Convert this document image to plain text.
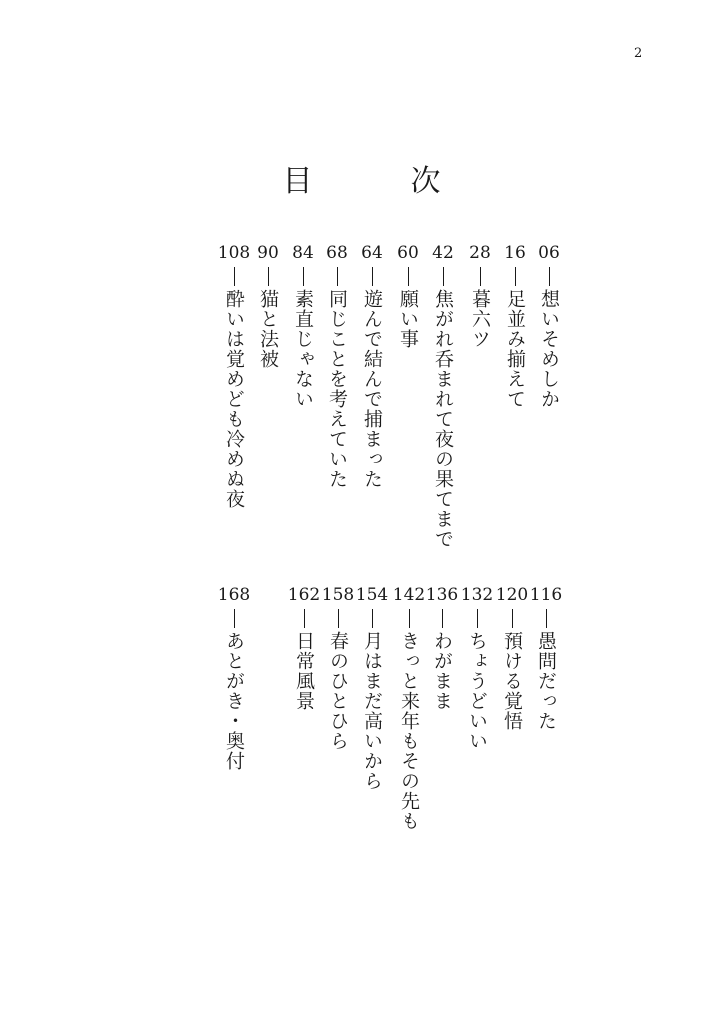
2
目　次
06
想いそめしか
16
足並み揃えて
28
暮六ツ
42
焦がれ呑まれて夜の果てまで
60
願い事
64
遊んで結んで捕まった
68
同じことを考えていた
84
素直じゃない
90
猫と法被
108
酔いは覚めども冷めぬ夜
116
愚問だった
120
預ける覚悟
132
ちょうどいい
136
わがまま
142
きっと来年もその先も
154
月はまだ高いから
158
春のひとひら
162
日常風景
168
あとがき・奥付
